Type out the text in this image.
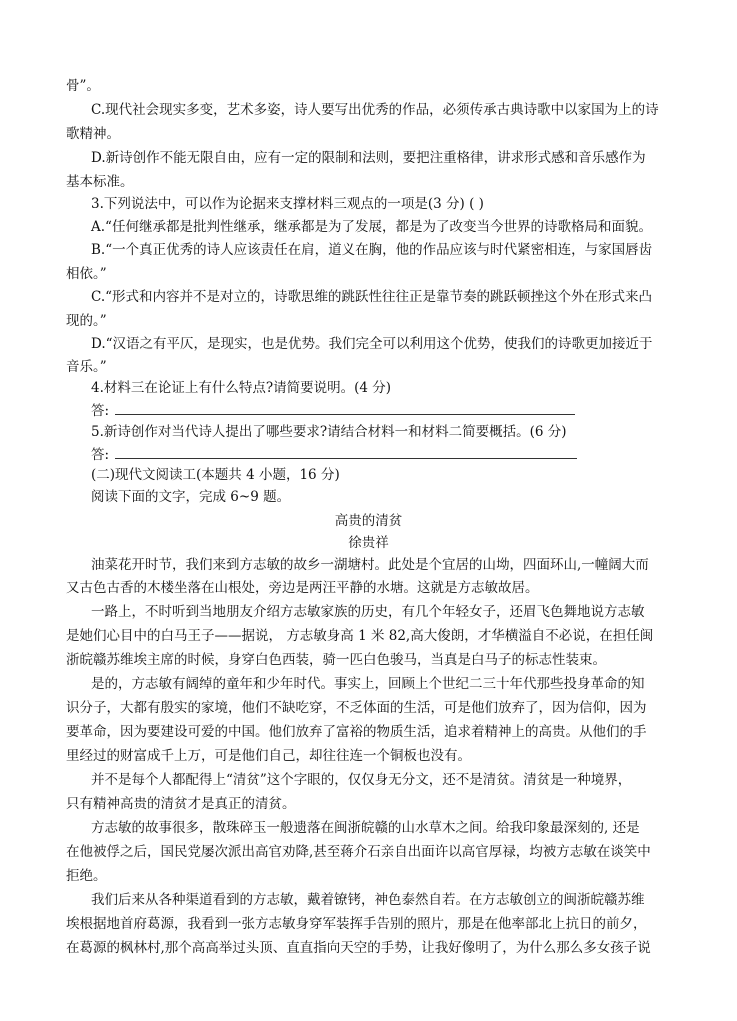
骨”。
C.现代社会现实多变，艺术多姿，诗人要写出优秀的作品，必须传承古典诗歌中以家国为上的诗
歌精神。
D.新诗创作不能无限自由，应有一定的限制和法则，要把注重格律，讲求形式感和音乐感作为
基本标准。
3.下列说法中，可以作为论据来支撑材料三观点的一项是(3 分) ( )
A.“任何继承都是批判性继承，继承都是为了发展，都是为了改变当今世界的诗歌格局和面貌。
B.“一个真正优秀的诗人应该责任在肩，道义在胸，他的作品应该与时代紧密相连，与家国唇齿
相依。”
C.“形式和内容并不是对立的，诗歌思维的跳跃性往往正是靠节奏的跳跃顿挫这个外在形式来凸
现的。”
D.“汉语之有平仄，是现实，也是优势。我们完全可以利用这个优势，使我们的诗歌更加接近于
音乐。”
4.材料三在论证上有什么特点?请简要说明。(4 分)
答:
5.新诗创作对当代诗人提出了哪些要求?请结合材料一和材料二简要概括。(6 分)
答:
(二)现代文阅读工(本题共 4 小题，16 分)
阅读下面的文字，完成 6~9 题。
高贵的清贫
徐贵祥
油菜花开时节，我们来到方志敏的故乡一湖塘村。此处是个宜居的山坳，四面环山,一幢阔大而
又古色古香的木楼坐落在山根处，旁边是两汪平静的水塘。这就是方志敏故居。
一路上，不时听到当地朋友介绍方志敏家族的历史，有几个年轻女子，还眉飞色舞地说方志敏
是她们心目中的白马王子——据说， 方志敏身高 1 米 82,高大俊朗，才华横溢自不必说，在担任闽
浙皖赣苏维埃主席的时候，身穿白色西装，骑一匹白色骏马，当真是白马子的标志性装束。
是的，方志敏有阔绰的童年和少年时代。事实上，回顾上个世纪二三十年代那些投身革命的知
识分子，大都有殷实的家境，他们不缺吃穿，不乏体面的生活，可是他们放弃了，因为信仰，因为
要革命，因为要建设可爱的中国。他们放弃了富裕的物质生活，追求着精神上的高贵。从他们的手
里经过的财富成千上万，可是他们自己，却往往连一个铜板也没有。
并不是每个人都配得上“清贫”这个字眼的，仅仅身无分文，还不是清贫。清贫是一种境界，
只有精神高贵的清贫才是真正的清贫。
方志敏的故事很多，散珠碎玉一般遗落在闽浙皖赣的山水草木之间。给我印象最深刻的, 还是
在他被俘之后，国民党屡次派出高官劝降,甚至蒋介石亲自出面许以高官厚禄，均被方志敏在谈笑中
拒绝。
我们后来从各种渠道看到的方志敏，戴着镣铐，神色泰然自若。在方志敏创立的闽浙皖赣苏维
埃根据地首府葛源，我看到一张方志敏身穿军装挥手告别的照片，那是在他率部北上抗日的前夕，
在葛源的枫林村,那个高高举过头顶、直直指向天空的手势，让我好像明了，为什么那么多女孩子说
